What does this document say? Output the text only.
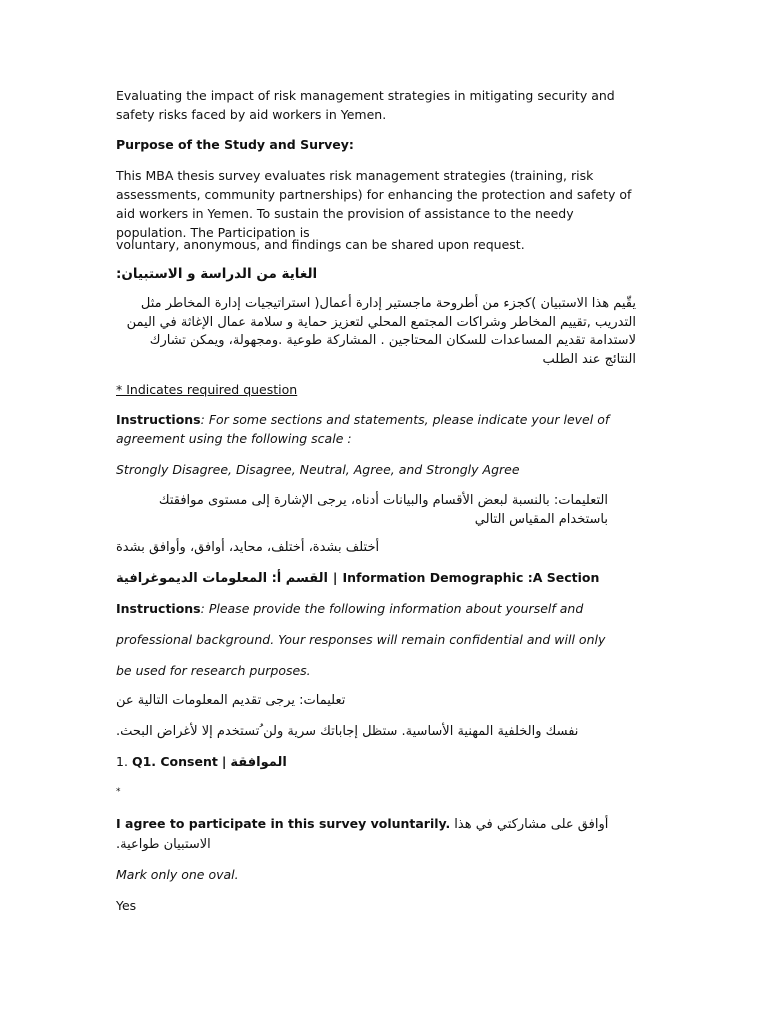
Evaluating the impact of risk management strategies in mitigating security and safety risks faced by aid workers in Yemen.

Purpose of the Study and Survey:

This MBA thesis survey evaluates risk management strategies (training, risk assessments, community partnerships) for enhancing the protection and safety of aid workers in Yemen. To sustain the provision of assistance to the needy population. The Participation is

voluntary, anonymous, and findings can be shared upon request.

الغاية من الدراسة و الاستبيان:

يقّيم هذا الاستبيان )كجزء من أطروحة ماجستير إدارة أعمال( استراتيجيات إدارة المخاطر مثل التدريب ,تقييم المخاطر وشراكات المجتمع المحلي لتعزيز حماية و سلامة عمال الإغاثة في اليمن لاستدامة تقديم المساعدات للسكان المحتاجين . المشاركة طوعية .ومجهولة، ويمكن تشارك النتائج عند الطلب

* Indicates required question

Instructions: For some sections and statements, please indicate your level of agreement using the following scale :

Strongly Disagree, Disagree, Neutral, Agree, and Strongly Agree

التعليمات: بالنسبة لبعض الأقسام والبيانات أدناه، يرجى الإشارة إلى مستوى موافقتك باستخدام المقياس التالي

أختلف بشدة، أختلف، محايد، أوافق، وأوافق بشدة

القسم أ: المعلومات الديموغرافية | Information Demographic :A Section

Instructions: Please provide the following information about yourself and

professional background. Your responses will remain confidential and will only

be used for research purposes.

تعليمات: يرجى تقديم المعلومات التالية عن

نفسك والخلفية المهنية الأساسية. ستظل إجاباتك سرية ولن ُتستخدم إلا لأغراض البحث.

1. Q1. Consent | الموافقة

*

I agree to participate in this survey voluntarily. أوافق على مشاركتي في هذا الاستبيان طواعية.

Mark only one oval.

Yes
